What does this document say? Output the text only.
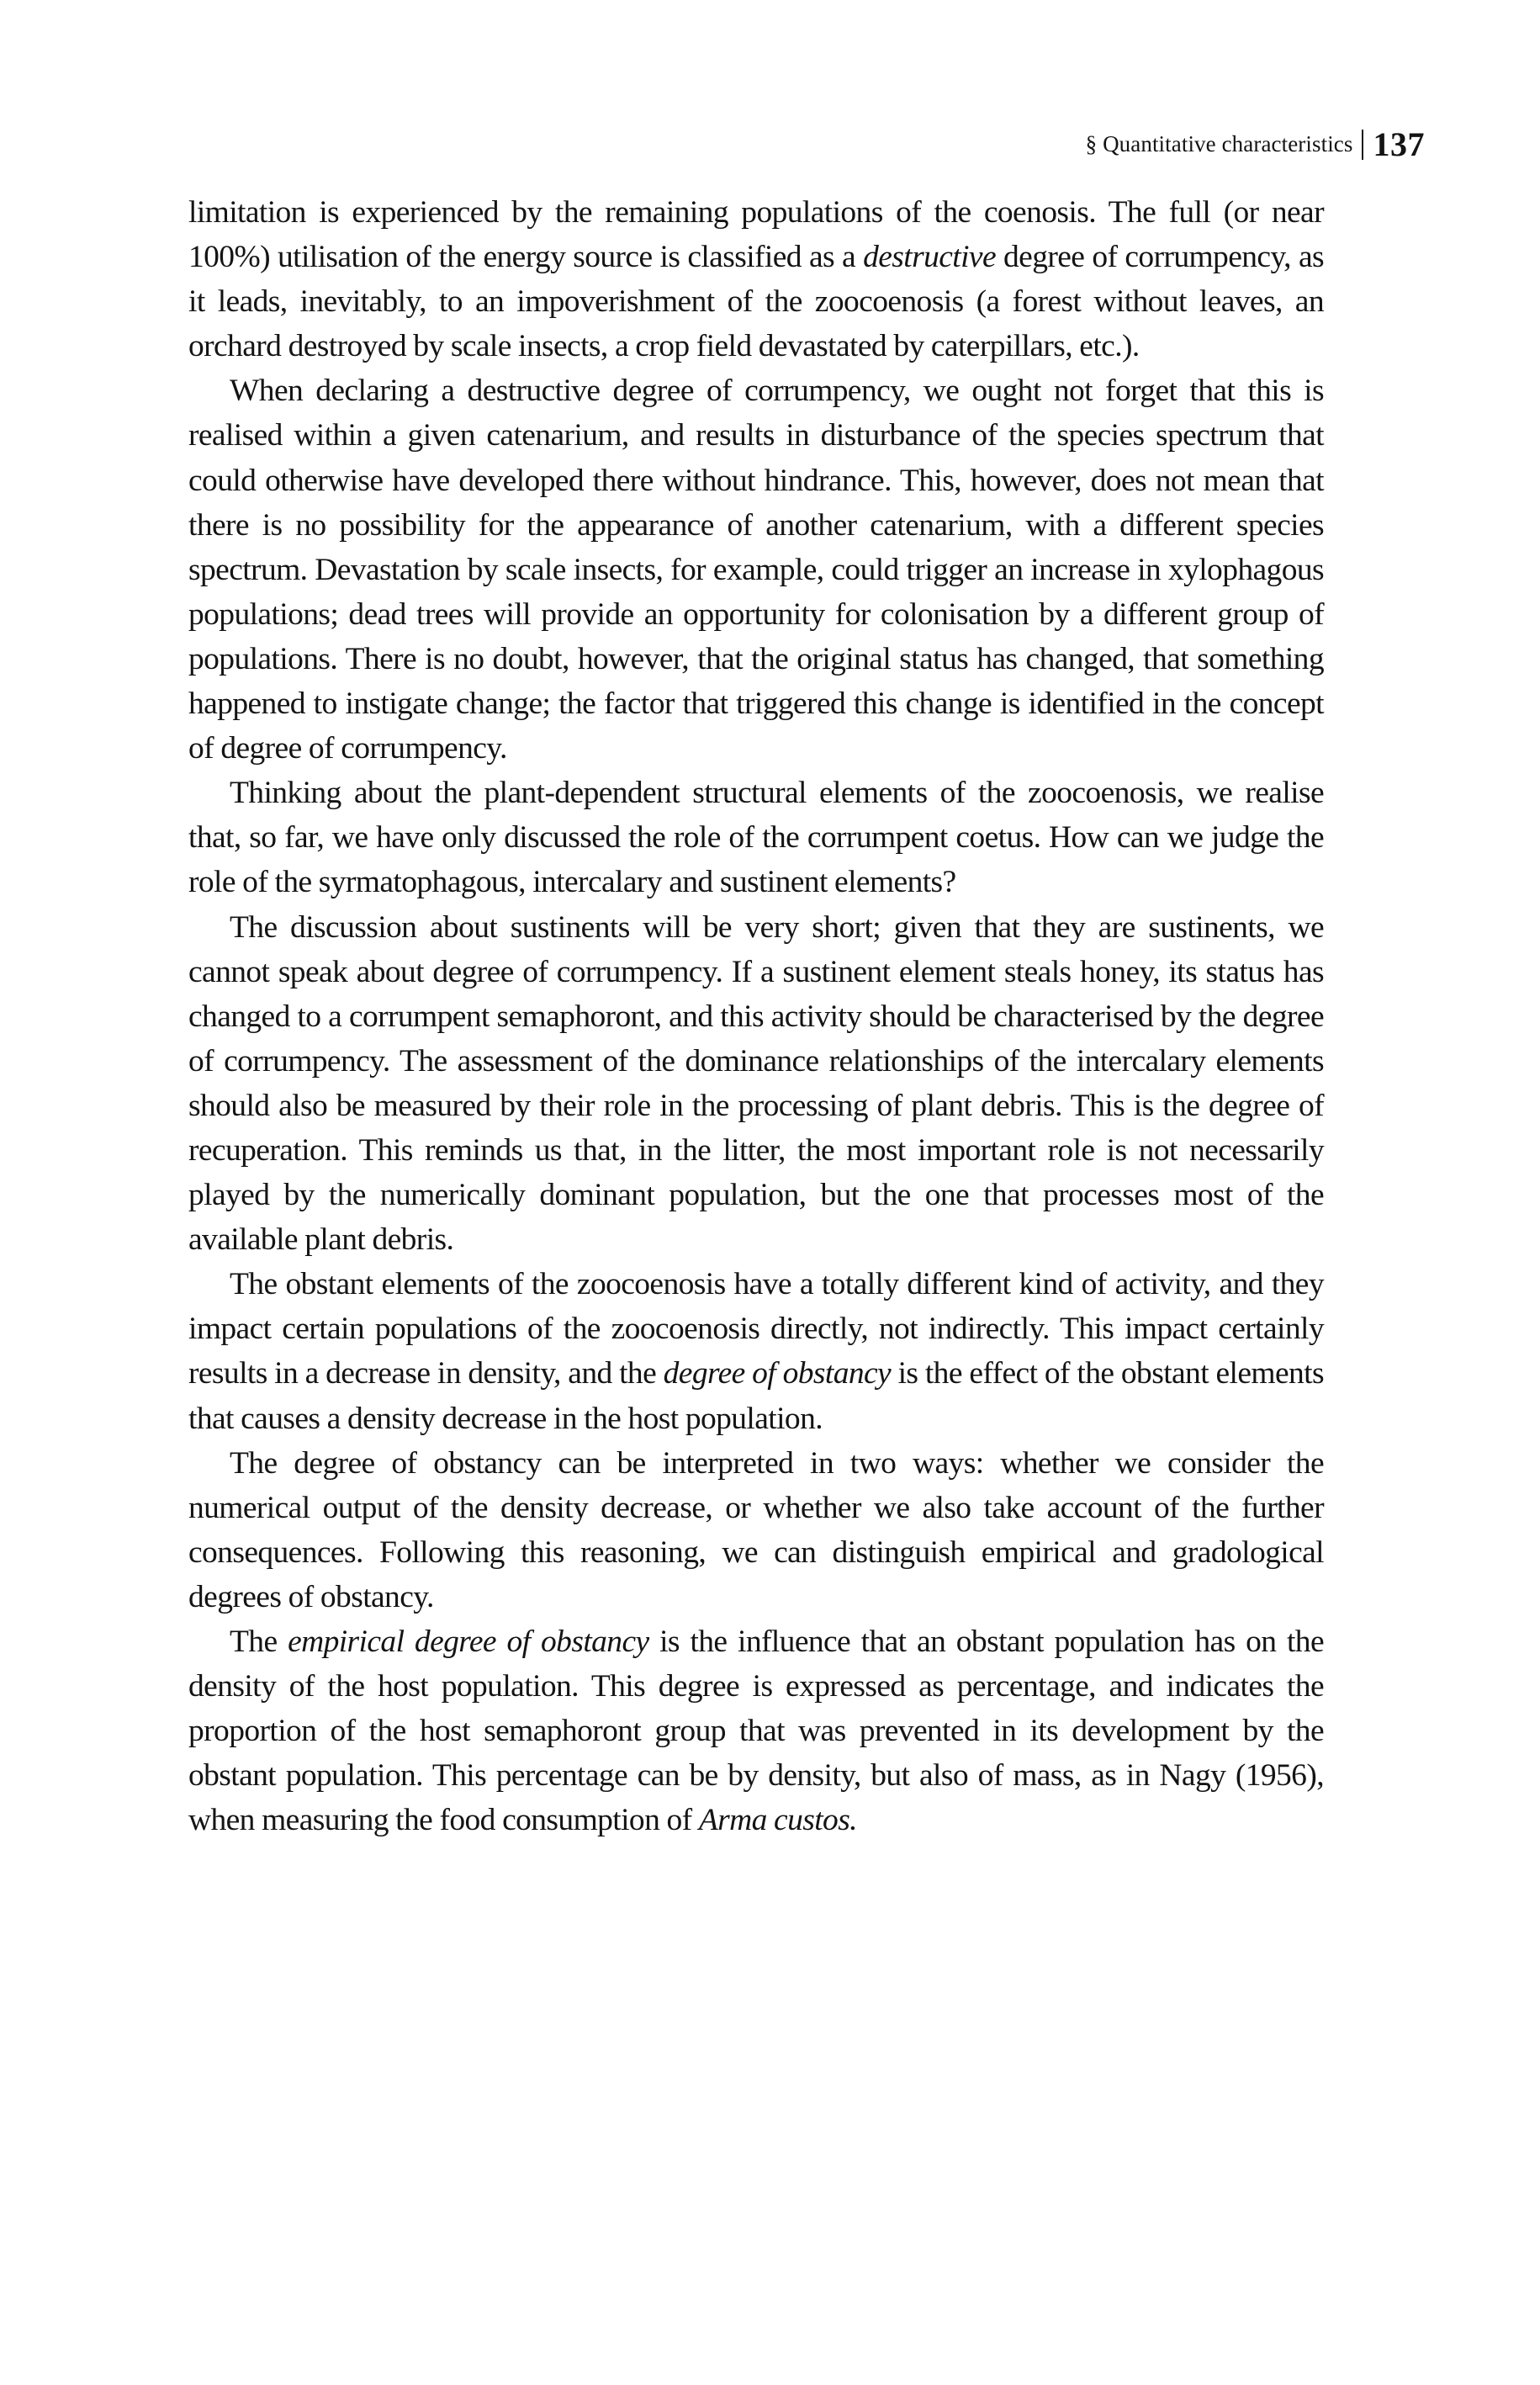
§ Quantitative characteristics 137

limitation is experienced by the remaining populations of the coenosis. The full (or near 100%) utilisation of the energy source is classified as a destructive degree of corrumpency, as it leads, inevitably, to an impoverishment of the zoocoenosis (a forest without leaves, an orchard destroyed by scale insects, a crop field devastated by caterpillars, etc.).

When declaring a destructive degree of corrumpency, we ought not forget that this is realised within a given catenarium, and results in disturbance of the species spectrum that could otherwise have developed there without hindrance. This, however, does not mean that there is no possibility for the appearance of another catenarium, with a different species spectrum. Devastation by scale insects, for example, could trigger an increase in xylophagous populations; dead trees will provide an opportunity for colonisation by a different group of populations. There is no doubt, however, that the original status has changed, that something happened to instigate change; the factor that triggered this change is identified in the concept of degree of corrumpency.

Thinking about the plant-dependent structural elements of the zoocoenosis, we realise that, so far, we have only discussed the role of the corrumpent coetus. How can we judge the role of the syrmatophagous, intercalary and sustinent elements?

The discussion about sustinents will be very short; given that they are sustinents, we cannot speak about degree of corrumpency. If a sustinent element steals honey, its status has changed to a corrumpent semaphoront, and this activity should be characterised by the degree of corrumpency. The assessment of the dominance relationships of the intercalary elements should also be measured by their role in the processing of plant debris. This is the degree of recuperation. This reminds us that, in the litter, the most important role is not necessarily played by the numerically dominant population, but the one that processes most of the available plant debris.

The obstant elements of the zoocoenosis have a totally different kind of activity, and they impact certain populations of the zoocoenosis directly, not indirectly. This impact certainly results in a decrease in density, and the degree of obstancy is the effect of the obstant elements that causes a density decrease in the host population.

The degree of obstancy can be interpreted in two ways: whether we consider the numerical output of the density decrease, or whether we also take account of the further consequences. Following this reasoning, we can distinguish empirical and gradological degrees of obstancy.

The empirical degree of obstancy is the influence that an obstant population has on the density of the host population. This degree is expressed as percentage, and indicates the proportion of the host semaphoront group that was prevented in its development by the obstant population. This percentage can be by density, but also of mass, as in Nagy (1956), when measuring the food consumption of Arma custos.
